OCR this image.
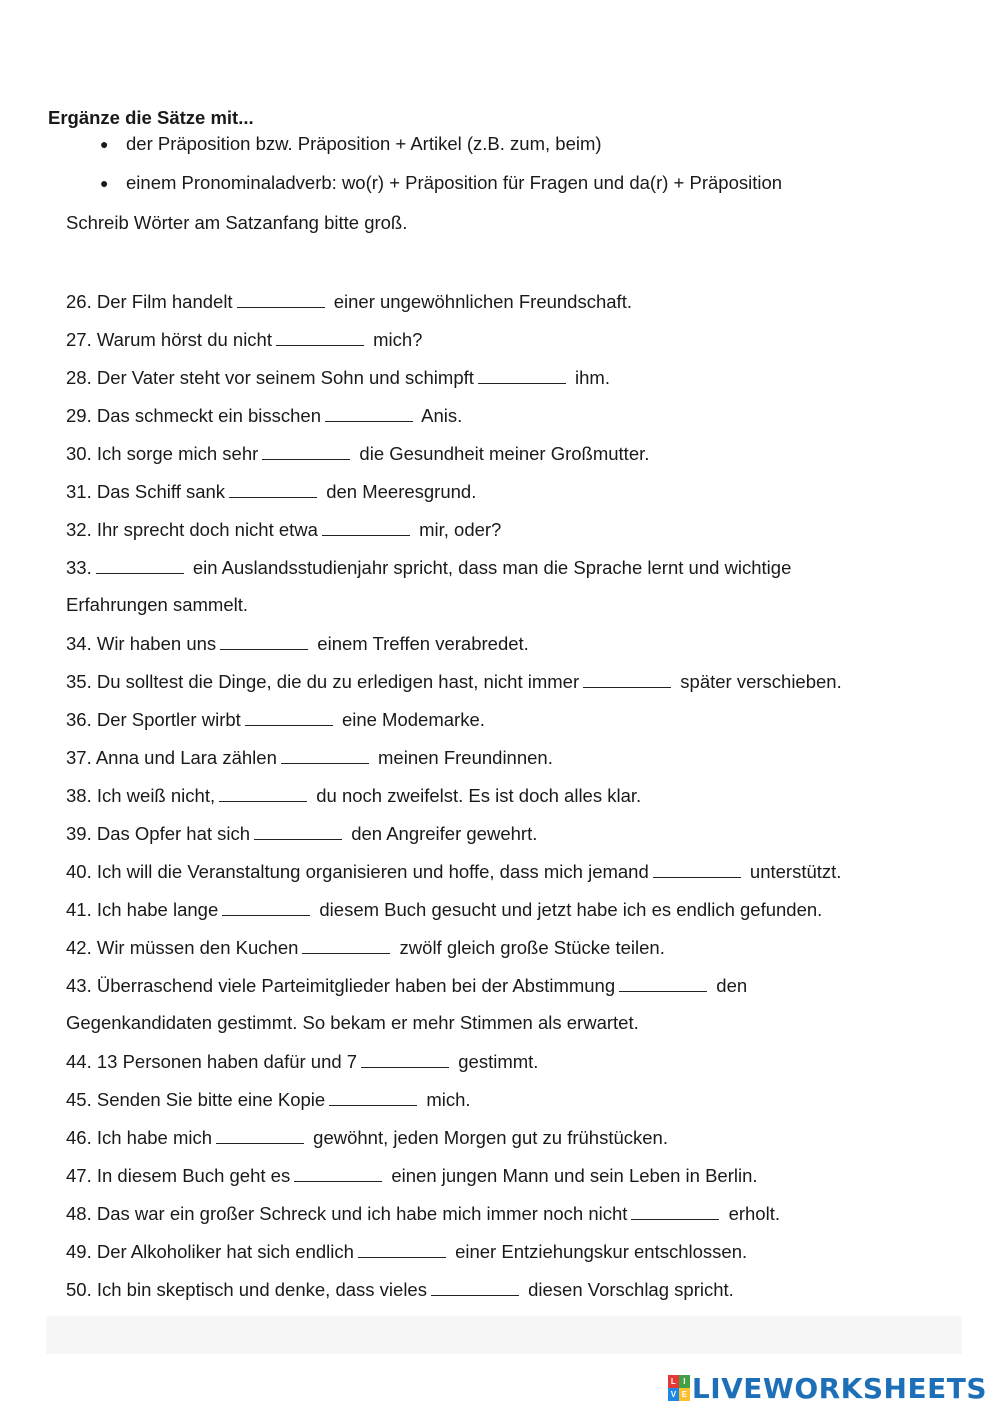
Ergänze die Sätze mit...
● der Präposition bzw. Präposition + Artikel (z.B. zum, beim)
● einem Pronominaladverb: wo(r) + Präposition für Fragen und da(r) + Präposition

Schreib Wörter am Satzanfang bitte groß.

26. Der Film handelt	einer ungewöhnlichen Freundschaft.
27. Warum hörst du nicht	mich?
28. Der Vater steht vor seinem Sohn und schimpft	ihm.
29. Das schmeckt ein bisschen	Anis.
30. Ich sorge mich sehr	die Gesundheit meiner Großmutter.
31. Das Schiff sank	den Meeresgrund.
32. Ihr sprecht doch nicht etwa	mir, oder?
33.	ein Auslandsstudienjahr spricht, dass man die Sprache lernt und wichtige
Erfahrungen sammelt.
34. Wir haben uns	einem Treffen verabredet.
35. Du solltest die Dinge, die du zu erledigen hast, nicht immer	später verschieben.
36. Der Sportler wirbt	eine Modemarke.
37. Anna und Lara zählen	meinen Freundinnen.
38. Ich weiß nicht,	du noch zweifelst. Es ist doch alles klar.
39. Das Opfer hat sich	den Angreifer gewehrt.
40. Ich will die Veranstaltung organisieren und hoffe, dass mich jemand	unterstützt.
41. Ich habe lange	diesem Buch gesucht und jetzt habe ich es endlich gefunden.
42. Wir müssen den Kuchen	zwölf gleich große Stücke teilen.
43. Überraschend viele Parteimitglieder haben bei der Abstimmung	den
Gegenkandidaten gestimmt. So bekam er mehr Stimmen als erwartet.
44. 13 Personen haben dafür und 7	gestimmt.
45. Senden Sie bitte eine Kopie	mich.
46. Ich habe mich	gewöhnt, jeden Morgen gut zu frühstücken.
47. In diesem Buch geht es	einen jungen Mann und sein Leben in Berlin.
48. Das war ein großer Schreck und ich habe mich immer noch nicht	erholt.
49. Der Alkoholiker hat sich endlich	einer Entziehungskur entschlossen.
50. Ich bin skeptisch und denke, dass vieles	diesen Vorschlag spricht.
L I
V E LIVEWORKSHEETS
